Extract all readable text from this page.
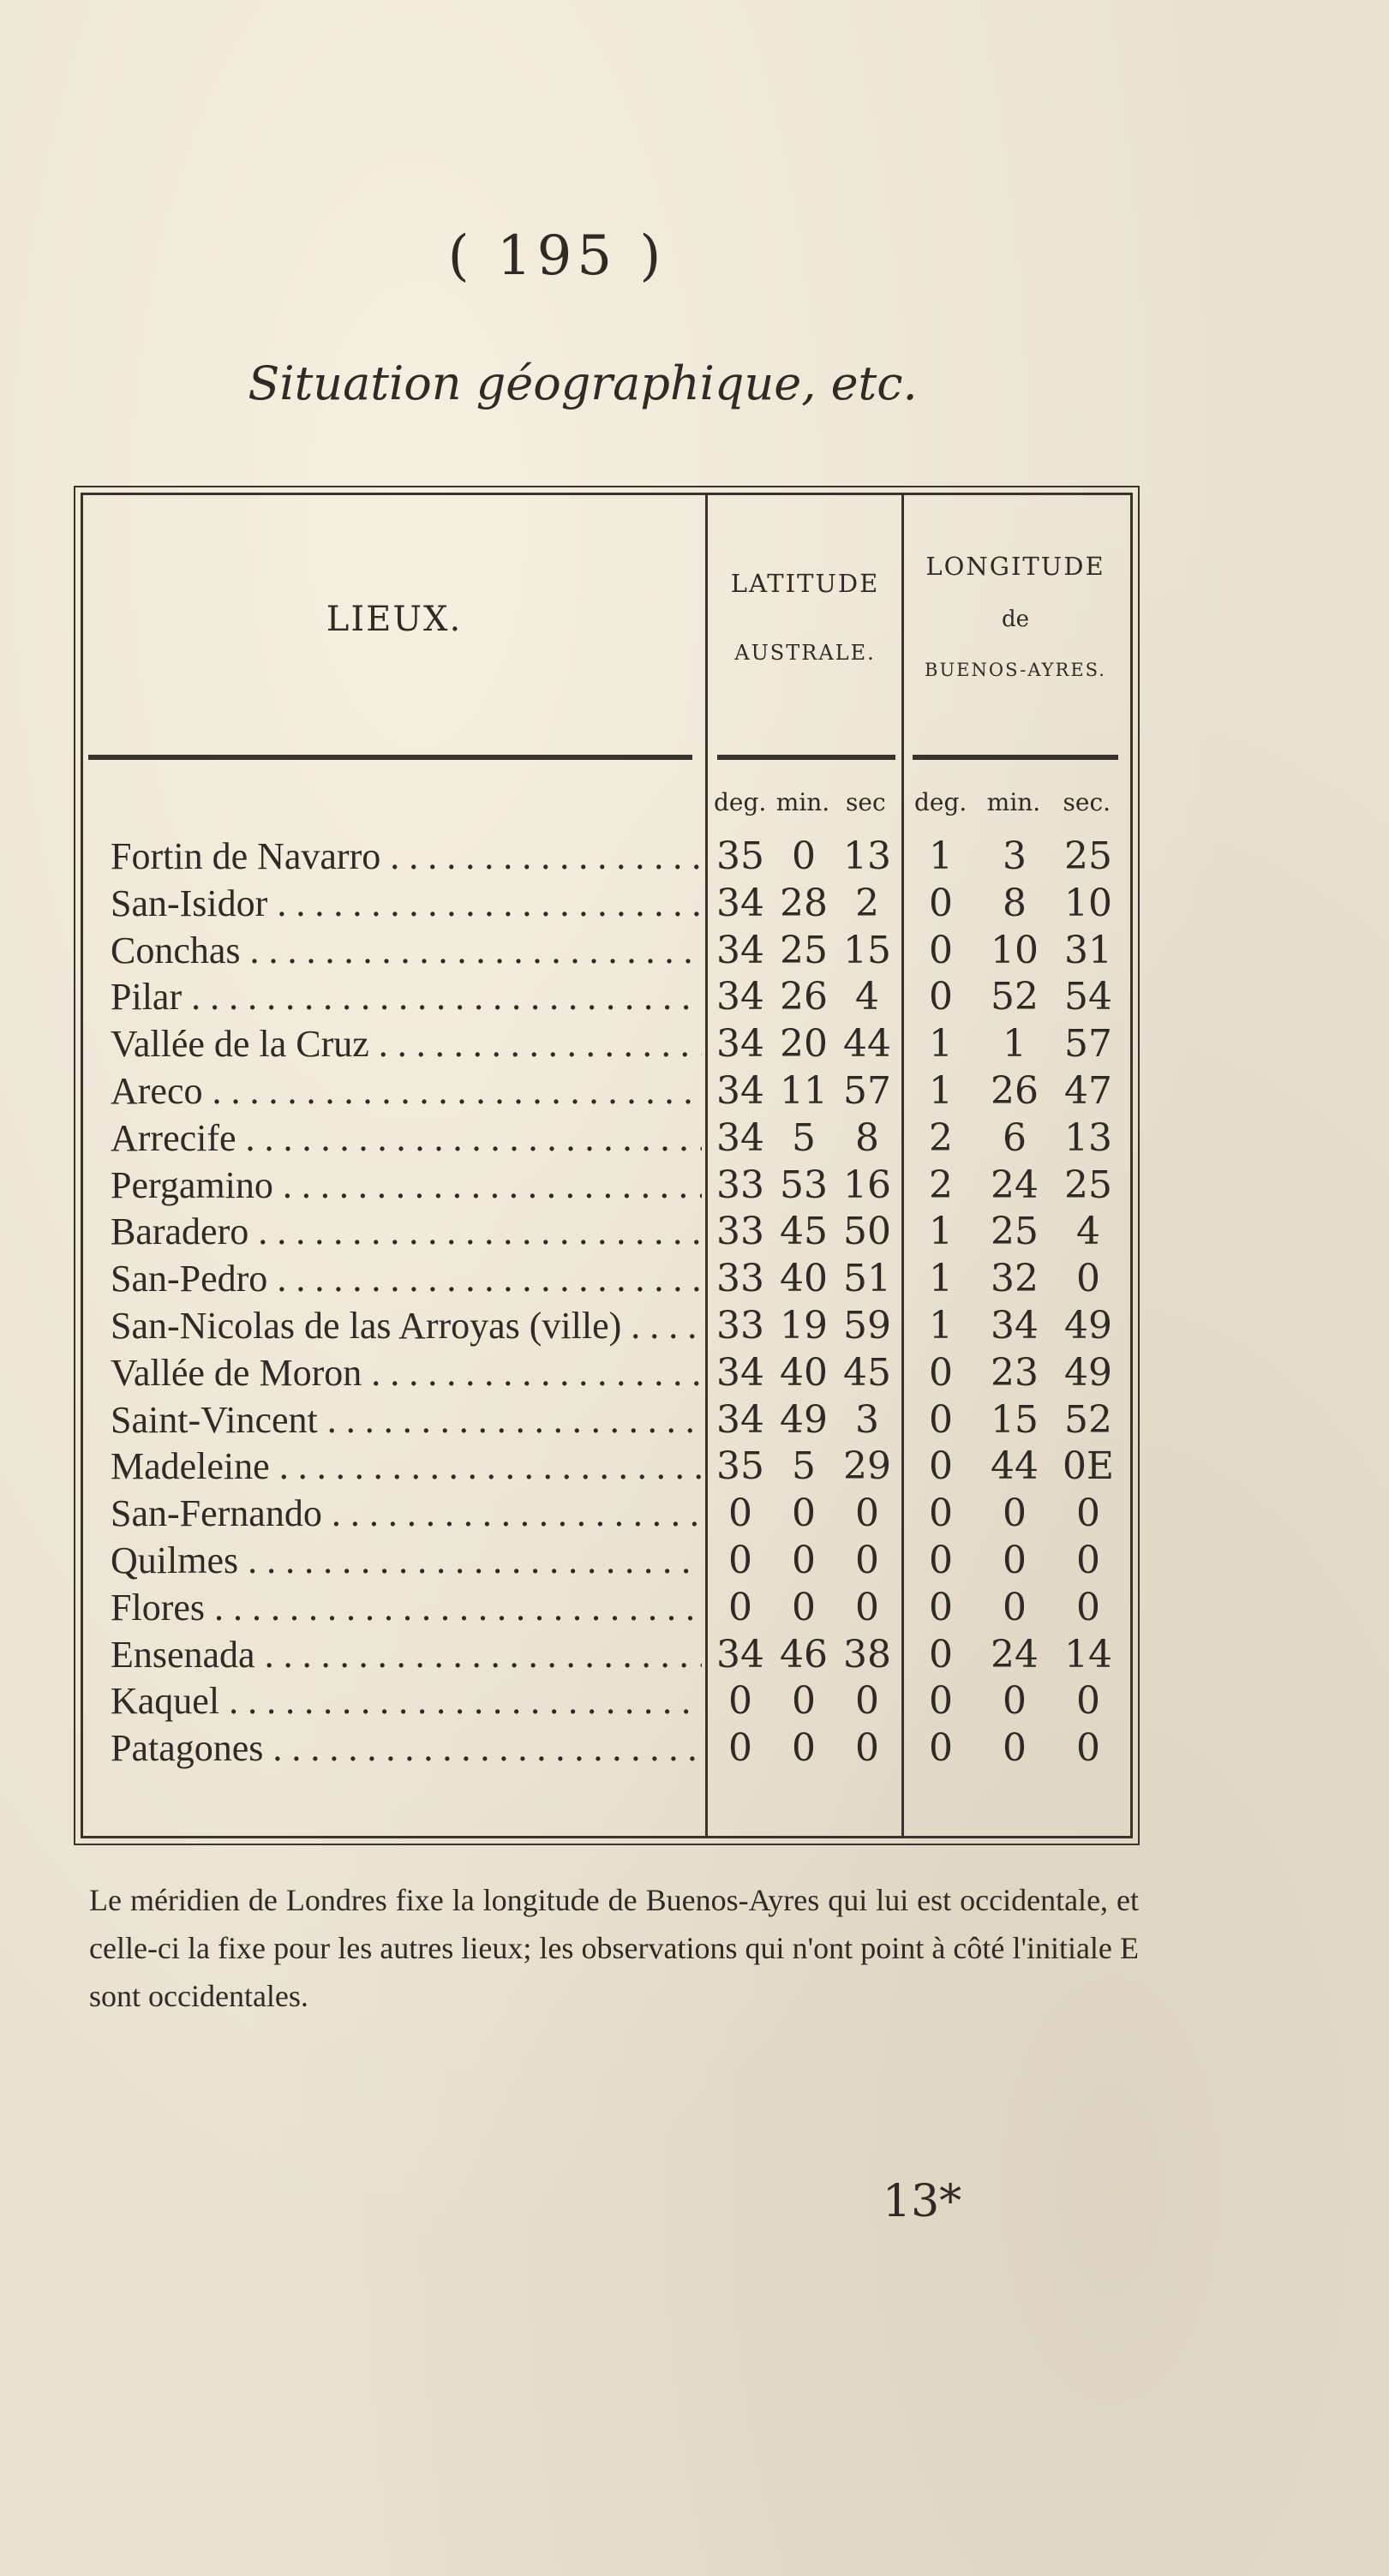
( 195 )
Situation géographique, etc.
LIEUX.
LATITUDE
AUSTRALE.
LONGITUDE
de
BUENOS-AYRES.
deg. min. sec	deg. min. sec.
Fortin de Navarro . . .	35 0 13	1	3	25
San-Isidor . . .	34 28 2	0	8	10
Conchas . . .	34 25 15	0	10 31
Pilar . . .	34 26 4	0	52 54
Vallée de la Cruz . . .	34 20 44	1	1	57
Areco . . .	34 11 57	1	26 47
Arrecife . . .	34 5	8	2	6	13
Pergamino . . .	33 53 16	2	24 25
Baradero . . .	33 45 50	1	25	4
San-Pedro . . .	33 40 51	1	32	0
San-Nicolas de las Arroyas (ville) . . .	33 19 59	1	34 49
Vallée de Moron . . .	34 40 45	0	23 49
Saint-Vincent . . .	34 49 3	0	15 52
Madeleine . . .	35 5 29	0	44 0E
San-Fernando . . .	0	0	0	0	0	0
Quilmes . . .	0	0	0	0	0	0
Flores . . .	0	0	0	0	0	0
Ensenada . . .	34 46 38	0	24 14
Kaquel . . .	0	0	0	0	0	0
Patagones . . .	0	0	0	0	0	0
Le méridien de Londres fixe la longitude de Buenos-Ayres qui lui est occidentale, et celle-ci la fixe pour les autres lieux; les observations qui n'ont point à côté l'initiale E sont occidentales.
13*
